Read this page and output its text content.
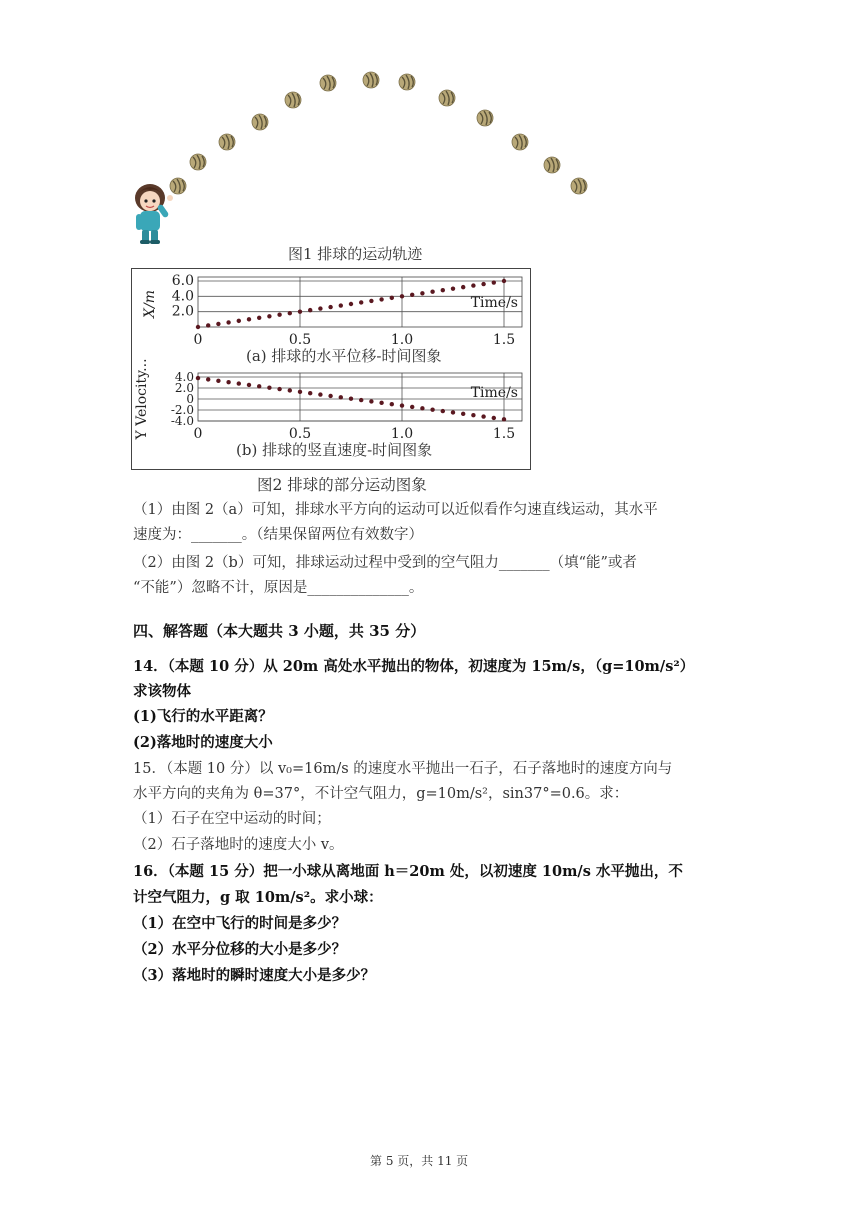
图1 排球的运动轨迹
2.0
4.0
6.0
0	0.5	1.0	1.5
Time/s
X/m
(a) 排球的水平位移-时间图象
4.0
2.0
0
-2.0
-4.0
0	0.5	1.0	1.5
Time/s
Y Velocity...
(b) 排球的竖直速度-时间图象
图2 排球的部分运动图象
（1）由图 2（a）可知，排球水平方向的运动可以近似看作匀速直线运动，其水平
速度为：_______。（结果保留两位有效数字）
（2）由图 2（b）可知，排球运动过程中受到的空气阻力_______（填“能”或者
“不能”）忽略不计，原因是______________。
四、解答题（本大题共 3 小题，共 35 分）
14．（本题 10 分）从 20m 高处水平抛出的物体，初速度为 15m/s，（g=10m/s²）
求该物体
(1)飞行的水平距离？
(2)落地时的速度大小
15．（本题 10 分）以 v₀=16m/s 的速度水平抛出一石子，石子落地时的速度方向与
水平方向的夹角为 θ=37°，不计空气阻力，g=10m/s²，sin37°=0.6。求：
（1）石子在空中运动的时间；
（2）石子落地时的速度大小 v。
16．（本题 15 分）把一小球从离地面 h＝20m 处，以初速度 10m/s 水平抛出，不
计空气阻力，g 取 10m/s²。求小球：
（1）在空中飞行的时间是多少？
（2）水平分位移的大小是多少？
（3）落地时的瞬时速度大小是多少？
第 5 页，共 11 页
